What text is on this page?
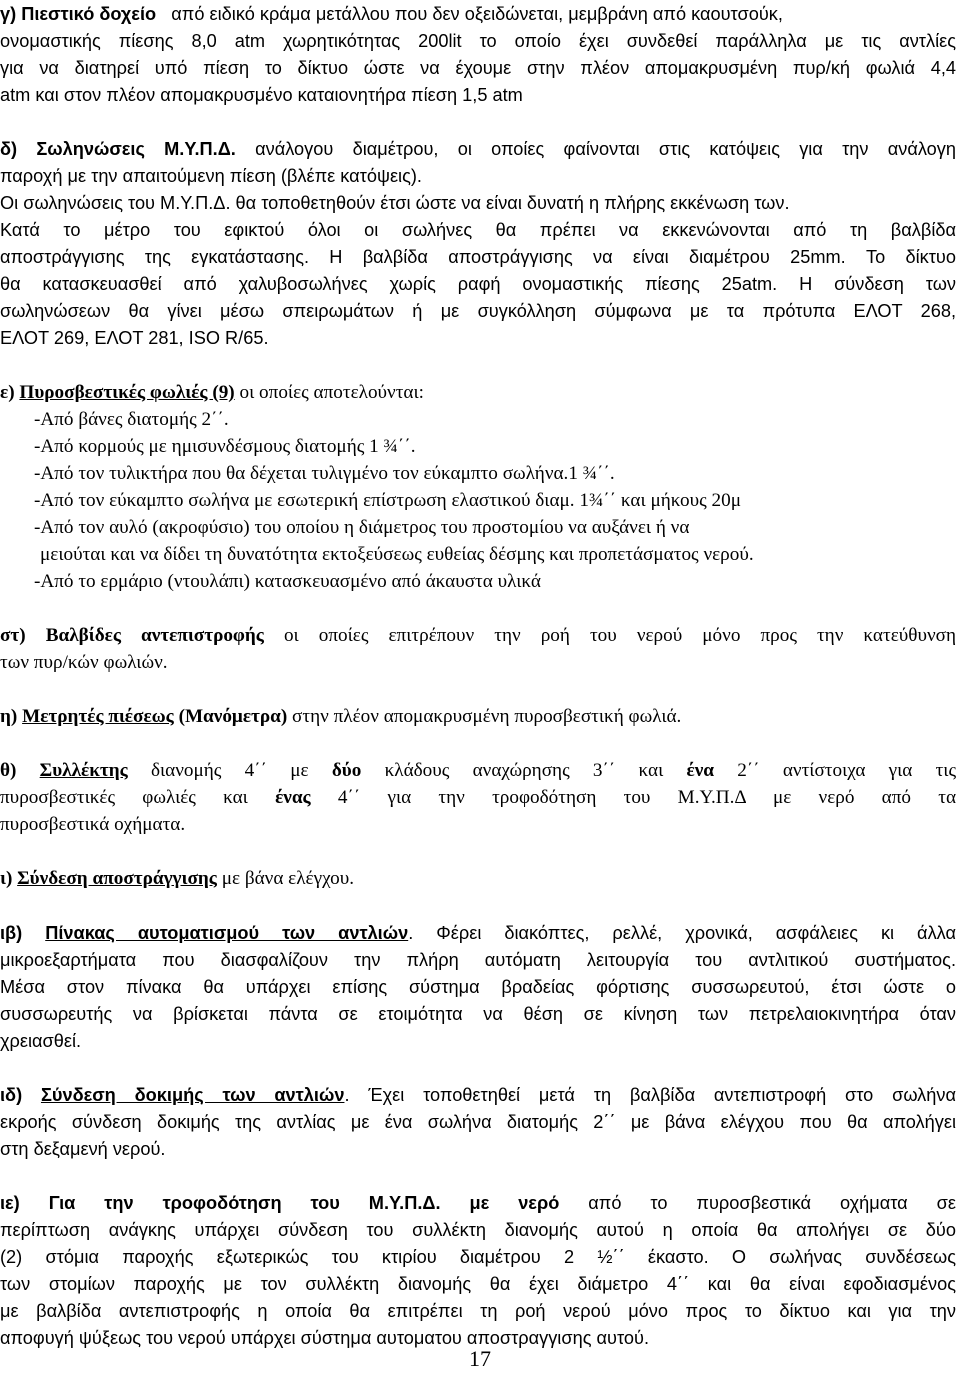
γ) Πιεστικό δοχείο από ειδικό κράμα μετάλλου που δεν οξειδώνεται, μεμβράνη από καουτσούκ,
ονομαστικής πίεσης 8,0 atm χωρητικότητας 200lit το οποίο έχει συνδεθεί παράλληλα με τις αντλίες
για να διατηρεί υπό πίεση το δίκτυο ώστε να έχουμε στην πλέον απομακρυσμένη πυρ/κή φωλιά 4,4
atm και στον πλέον απομακρυσμένο καταιονητήρα πίεση 1,5 atm
δ) Σωληνώσεις Μ.Υ.Π.Δ. ανάλογου διαμέτρου, οι οποίες φαίνονται στις κατόψεις για την ανάλογη
παροχή με την απαιτούμενη πίεση (βλέπε κατόψεις).
Οι σωληνώσεις του Μ.Υ.Π.Δ. θα τοποθετηθούν έτσι ώστε να είναι δυνατή η πλήρης εκκένωση των.
Κατά το μέτρο του εφικτού όλοι οι σωλήνες θα πρέπει να εκκενώνονται από τη βαλβίδα
αποστράγγισης της εγκατάστασης. Η βαλβίδα αποστράγγισης να είναι διαμέτρου 25mm. Το δίκτυο
θα κατασκευασθεί από χαλυβοσωλήνες χωρίς ραφή ονομαστικής πίεσης 25atm. Η σύνδεση των
σωληνώσεων θα γίνει μέσω σπειρωμάτων ή με συγκόλληση σύμφωνα με τα πρότυπα ΕΛΟΤ 268,
ΕΛΟΤ 269, ΕΛΟΤ 281, ISO R/65.
ε) Πυροσβεστικές φωλιές (9) οι οποίες αποτελούνται:
-Από βάνες διατομής 2΄΄.
-Από κορμούς με ημισυνδέσμους διατομής 1 ¾΄΄.
-Από τον τυλικτήρα που θα δέχεται τυλιγμένο τον εύκαμπτο σωλήνα.1 ¾΄΄.
-Από τον εύκαμπτο σωλήνα με εσωτερική επίστρωση ελαστικού διαμ. 1¾΄΄ και μήκους 20μ
-Από τον αυλό (ακροφύσιο) του οποίου η διάμετρος του προστομίου να αυξάνει ή να
μειούται και να δίδει τη δυνατότητα εκτοξεύσεως ευθείας δέσμης και προπετάσματος νερού.
-Από το ερμάριο (ντουλάπι) κατασκευασμένο από άκαυστα υλικά
στ) Βαλβίδες αντεπιστροφής οι οποίες επιτρέπουν την ροή του νερού μόνο προς την κατεύθυνση
των πυρ/κών φωλιών.
η) Μετρητές πιέσεως (Μανόμετρα) στην πλέον απομακρυσμένη πυροσβεστική φωλιά.
θ) Συλλέκτης διανομής 4΄΄ με δύο κλάδους αναχώρησης 3΄΄ και ένα 2΄΄ αντίστοιχα για τις
πυροσβεστικές φωλιές και ένας 4΄΄ για την τροφοδότηση του Μ.Υ.Π.Δ με νερό από τα
πυροσβεστικά οχήματα.
ι) Σύνδεση αποστράγγισης με βάνα ελέγχου.
ιβ) Πίνακας αυτοματισμού των αντλιών. Φέρει διακόπτες, ρελλέ, χρονικά, ασφάλειες κι άλλα
μικροεξαρτήματα που διασφαλίζουν την πλήρη αυτόματη λειτουργία του αντλιτικού συστήματος.
Μέσα στον πίνακα θα υπάρχει επίσης σύστημα βραδείας φόρτισης συσσωρευτού, έτσι ώστε ο
συσσωρευτής να βρίσκεται πάντα σε ετοιμότητα να θέση σε κίνηση των πετρελαιοκινητήρα όταν
χρειασθεί.
ιδ) Σύνδεση δοκιμής των αντλιών. Έχει τοποθετηθεί μετά τη βαλβίδα αντεπιστροφή στο σωλήνα
εκροής σύνδεση δοκιμής της αντλίας με ένα σωλήνα διατομής 2΄΄ με βάνα ελέγχου που θα απολήγει
στη δεξαμενή νερού.
ιε) Για την τροφοδότηση του Μ.Υ.Π.Δ. με νερό από το πυροσβεστικά οχήματα σε
περίπτωση ανάγκης υπάρχει σύνδεση του συλλέκτη διανομής αυτού η οποία θα απολήγει σε δύο
(2) στόμια παροχής εξωτερικώς του κτιρίου διαμέτρου 2 ½΄΄ έκαστο. Ο σωλήνας συνδέσεως
των στομίων παροχής με τον συλλέκτη διανομής θα έχει διάμετρο 4΄΄ και θα είναι εφοδιασμένος
με βαλβίδα αντεπιστροφής η οποία θα επιτρέπει τη ροή νερού μόνο προς το δίκτυο και για την
αποφυγή ψύξεως του νερού υπάρχει σύστημα αυτοματου αποστραγγισης αυτού.
17
